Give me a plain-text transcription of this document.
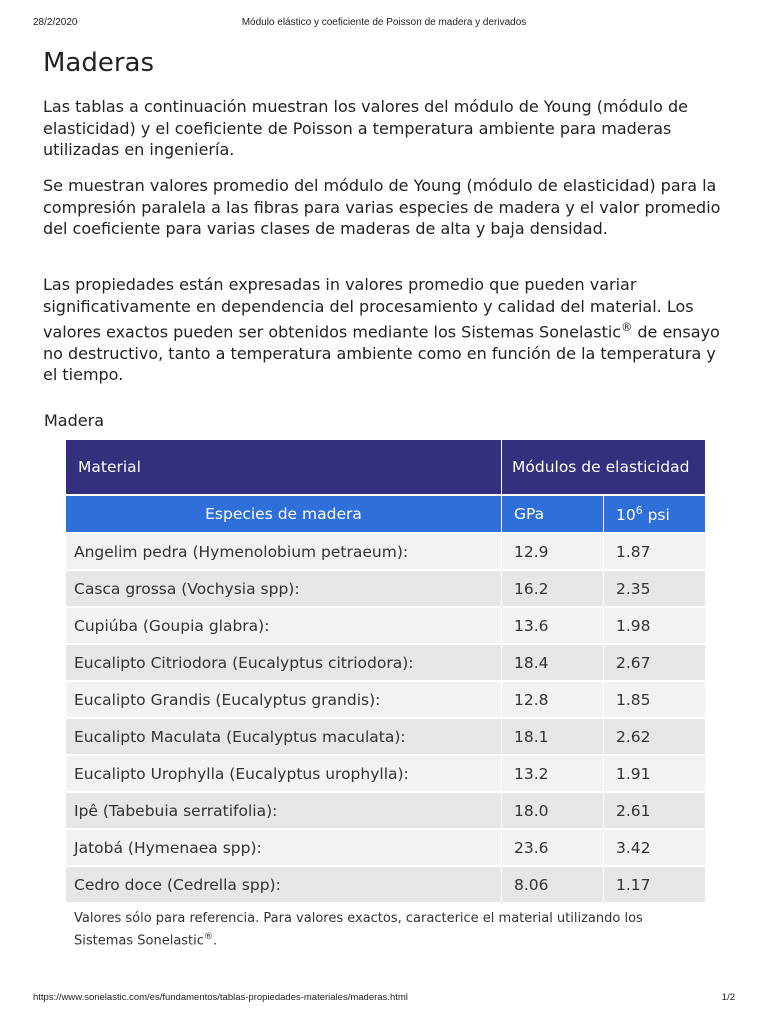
28/2/2020	Módulo elástico y coeficiente de Poisson de madera y derivados
Maderas

Las tablas a continuación muestran los valores del módulo de Young (módulo de elasticidad) y el coeficiente de Poisson a temperatura ambiente para maderas utilizadas en ingeniería.

Se muestran valores promedio del módulo de Young (módulo de elasticidad) para la compresión paralela a las fibras para varias especies de madera y el valor promedio del coeficiente para varias clases de maderas de alta y baja densidad.

Las propiedades están expresadas in valores promedio que pueden variar significativamente en dependencia del procesamiento y calidad del material. Los valores exactos pueden ser obtenidos mediante los Sistemas Sonelastic® de ensayo no destructivo, tanto a temperatura ambiente como en función de la temperatura y el tiempo.

Madera
Material	Módulos de elasticidad	
Especies de madera	GPa	$10^6$ psi
Angelim pedra (Hymenolobium petraeum):	12.9	1.87
Casca grossa (Vochysia spp):	16.2	2.35
Cupiúba (Goupia glabra):	13.6	1.98
Eucalipto Citriodora (Eucalyptus citriodora):	18.4	2.67
Eucalipto Grandis (Eucalyptus grandis):	12.8	1.85
Eucalipto Maculata (Eucalyptus maculata):	18.1	2.62
Eucalipto Urophylla (Eucalyptus urophylla):	13.2	1.91
Ipê (Tabebuia serratifolia):	18.0	2.61
Jatobá (Hymenaea spp):	23.6	3.42
Cedro doce (Cedrella spp):	8.06	1.17
Valores sólo para referencia. Para valores exactos, caracterice el material utilizando los Sistemas Sonelastic®.
https://www.sonelastic.com/es/fundamentos/tablas-propiedades-materiales/maderas.html	1/2
